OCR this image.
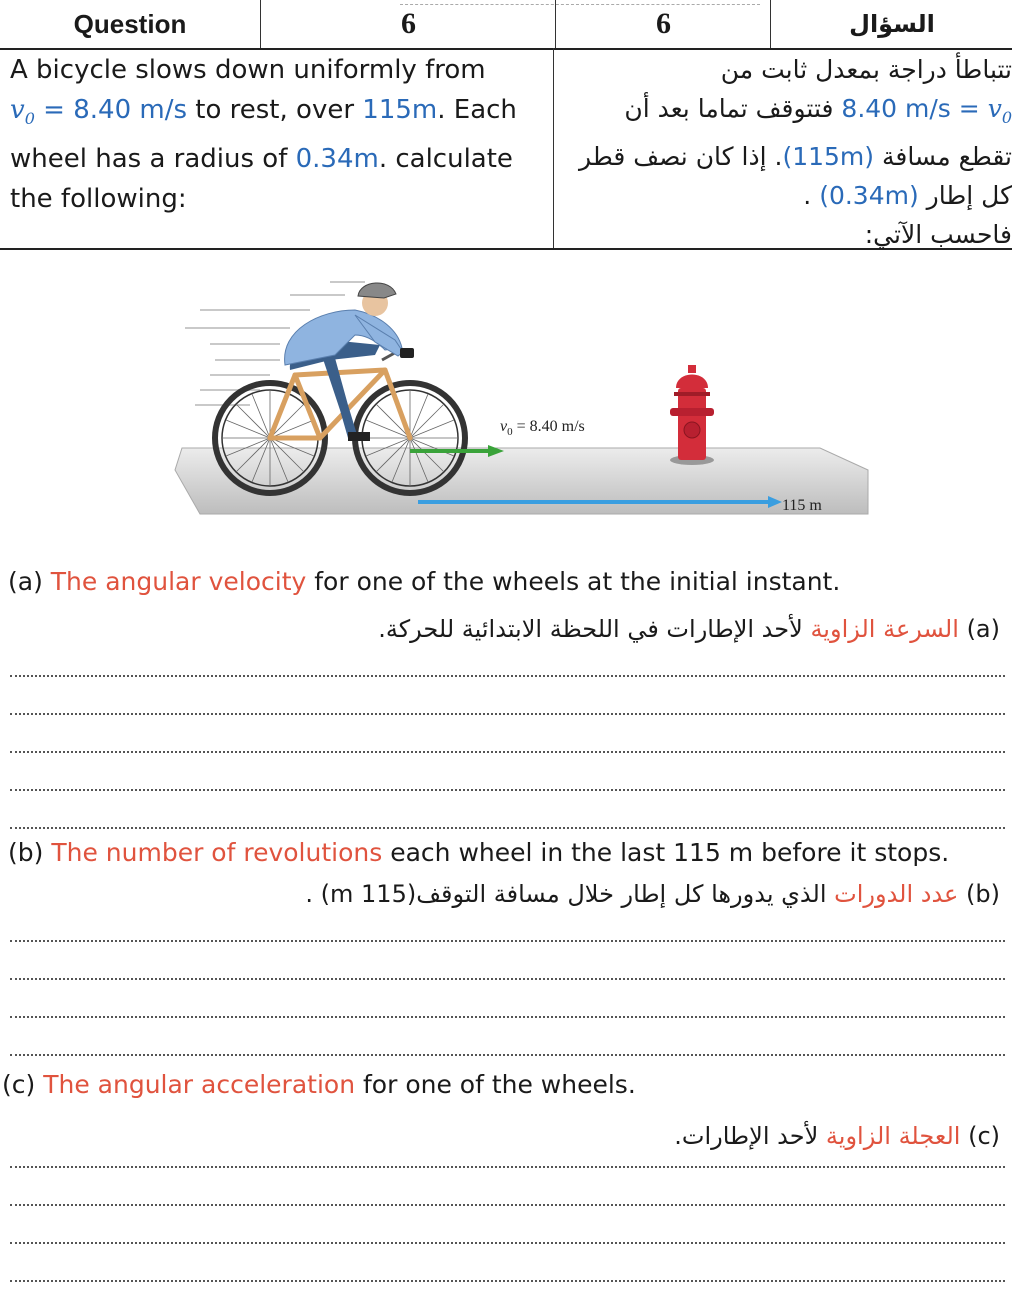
Question	6	6	السؤال
A bicycle slows down uniformly from
$v_0 = 8.40$ m/s to rest, over 115m. Each wheel has a radius of 0.34m. calculate the following:
تتباطأ دراجة بمعدل ثابت من
$v_0 = 8.40$ m/s فتتوقف تماما بعد أن
تقطع مسافة (115m). إذا كان نصف قطر
كل إطار (0.34m) .
فاحسب الآتي:
115 m
$v_0 = 8.40$ m/s
(a) The angular velocity for one of the wheels at the initial instant.
(a) السرعة الزاوية لأحد الإطارات في اللحظة الابتدائية للحركة.
(b) The number of revolutions each wheel in the last 115 m before it stops.
(b) عدد الدورات الذي يدورها كل إطار خلال مسافة التوقف(115 m) .
(c) The angular acceleration for one of the wheels.
(c) العجلة الزاوية لأحد الإطارات.
